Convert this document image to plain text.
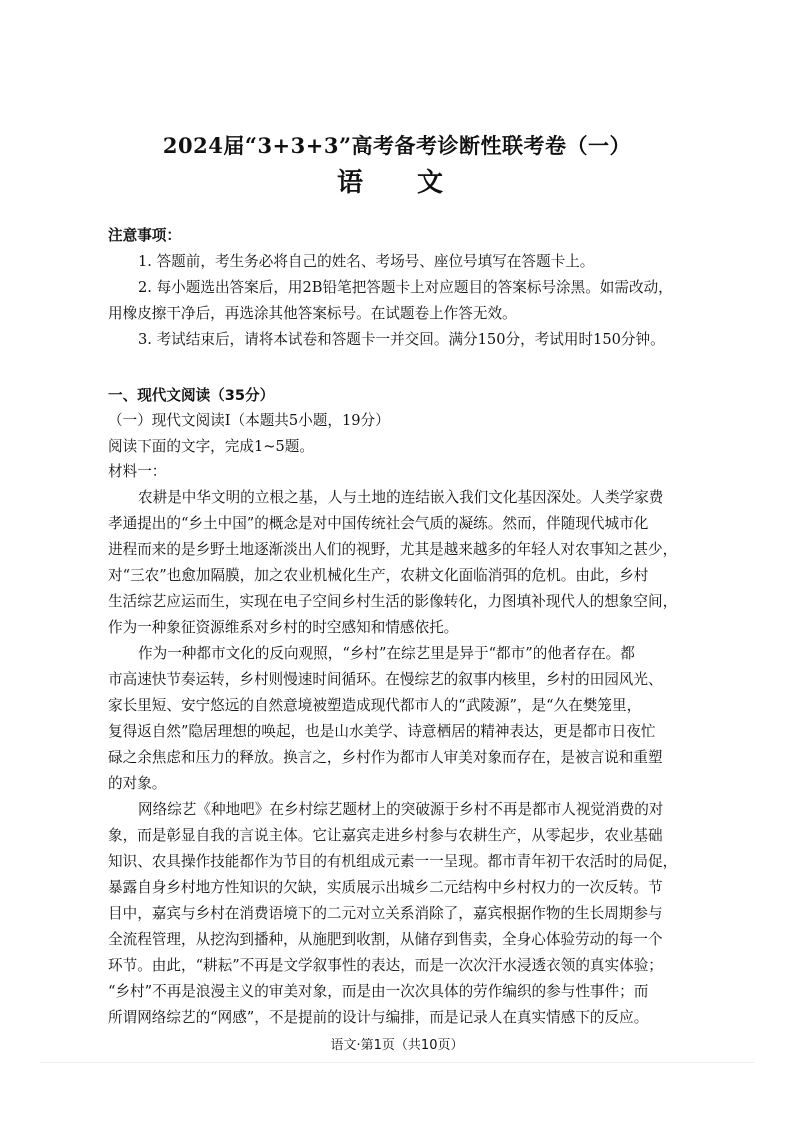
2024届“3+3+3”高考备考诊断性联考卷（一）
语　文
注意事项：
1. 答题前，考生务必将自己的姓名、考场号、座位号填写在答题卡上。
2. 每小题选出答案后，用2B铅笔把答题卡上对应题目的答案标号涂黑。如需改动，
用橡皮擦干净后，再选涂其他答案标号。在试题卷上作答无效。
3. 考试结束后，请将本试卷和答题卡一并交回。满分150分，考试用时150分钟。
一、现代文阅读（35分）
（一）现代文阅读Ⅰ（本题共5小题，19分）
阅读下面的文字，完成1~5题。
材料一：
农耕是中华文明的立根之基，人与土地的连结嵌入我们文化基因深处。人类学家费
孝通提出的“乡土中国”的概念是对中国传统社会气质的凝练。然而，伴随现代城市化
进程而来的是乡野土地逐渐淡出人们的视野，尤其是越来越多的年轻人对农事知之甚少，
对“三农”也愈加隔膜，加之农业机械化生产，农耕文化面临消弭的危机。由此，乡村
生活综艺应运而生，实现在电子空间乡村生活的影像转化，力图填补现代人的想象空间，
作为一种象征资源维系对乡村的时空感知和情感依托。
作为一种都市文化的反向观照，“乡村”在综艺里是异于“都市”的他者存在。都
市高速快节奏运转，乡村则慢速时间循环。在慢综艺的叙事内核里，乡村的田园风光、
家长里短、安宁悠远的自然意境被塑造成现代都市人的“武陵源”，是“久在樊笼里，
复得返自然”隐居理想的唤起，也是山水美学、诗意栖居的精神表达，更是都市日夜忙
碌之余焦虑和压力的释放。换言之，乡村作为都市人审美对象而存在，是被言说和重塑
的对象。
网络综艺《种地吧》在乡村综艺题材上的突破源于乡村不再是都市人视觉消费的对
象，而是彰显自我的言说主体。它让嘉宾走进乡村参与农耕生产，从零起步，农业基础
知识、农具操作技能都作为节目的有机组成元素一一呈现。都市青年初干农活时的局促，
暴露自身乡村地方性知识的欠缺，实质展示出城乡二元结构中乡村权力的一次反转。节
目中，嘉宾与乡村在消费语境下的二元对立关系消除了，嘉宾根据作物的生长周期参与
全流程管理，从挖沟到播种，从施肥到收割，从储存到售卖，全身心体验劳动的每一个
环节。由此，“耕耘”不再是文学叙事性的表达，而是一次次汗水浸透衣领的真实体验；
“乡村”不再是浪漫主义的审美对象，而是由一次次具体的劳作编织的参与性事件；而
所谓网络综艺的“网感”，不是提前的设计与编排，而是记录人在真实情感下的反应。
语文·第1页（共10页）
